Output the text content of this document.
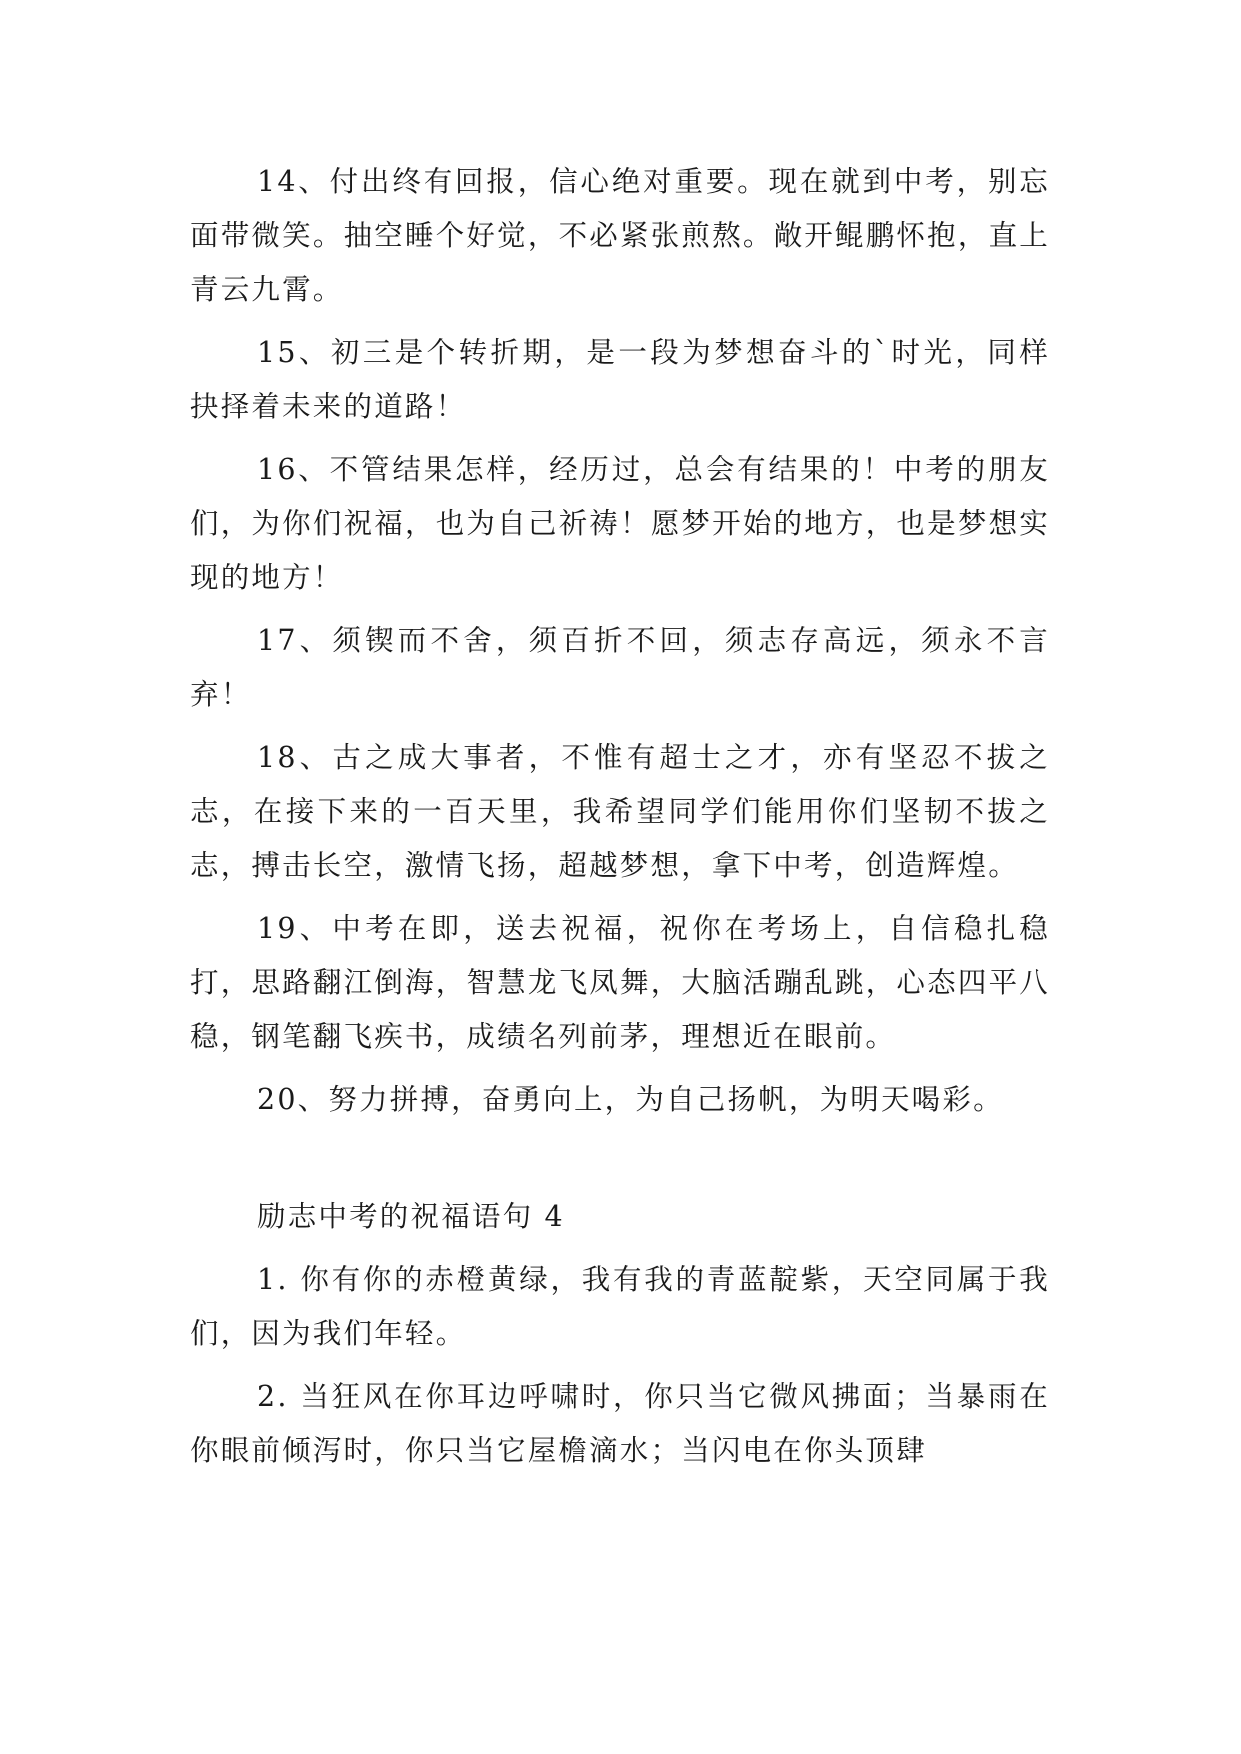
14、付出终有回报，信心绝对重要。现在就到中考，别忘面带微笑。抽空睡个好觉，不必紧张煎熬。敞开鲲鹏怀抱，直上青云九霄。

15、初三是个转折期，是一段为梦想奋斗的`时光，同样抉择着未来的道路！

16、不管结果怎样，经历过，总会有结果的！中考的朋友们，为你们祝福，也为自己祈祷！愿梦开始的地方，也是梦想实现的地方！

17、须锲而不舍，须百折不回，须志存高远，须永不言弃！

18、古之成大事者，不惟有超士之才，亦有坚忍不拔之志，在接下来的一百天里，我希望同学们能用你们坚韧不拔之志，搏击长空，激情飞扬，超越梦想，拿下中考，创造辉煌。

19、中考在即，送去祝福，祝你在考场上，自信稳扎稳打，思路翻江倒海，智慧龙飞凤舞，大脑活蹦乱跳，心态四平八稳，钢笔翻飞疾书，成绩名列前茅，理想近在眼前。

20、努力拼搏，奋勇向上，为自己扬帆，为明天喝彩。

励志中考的祝福语句 4

1. 你有你的赤橙黄绿，我有我的青蓝靛紫，天空同属于我们，因为我们年轻。

2. 当狂风在你耳边呼啸时，你只当它微风拂面；当暴雨在你眼前倾泻时，你只当它屋檐滴水；当闪电在你头顶肆
